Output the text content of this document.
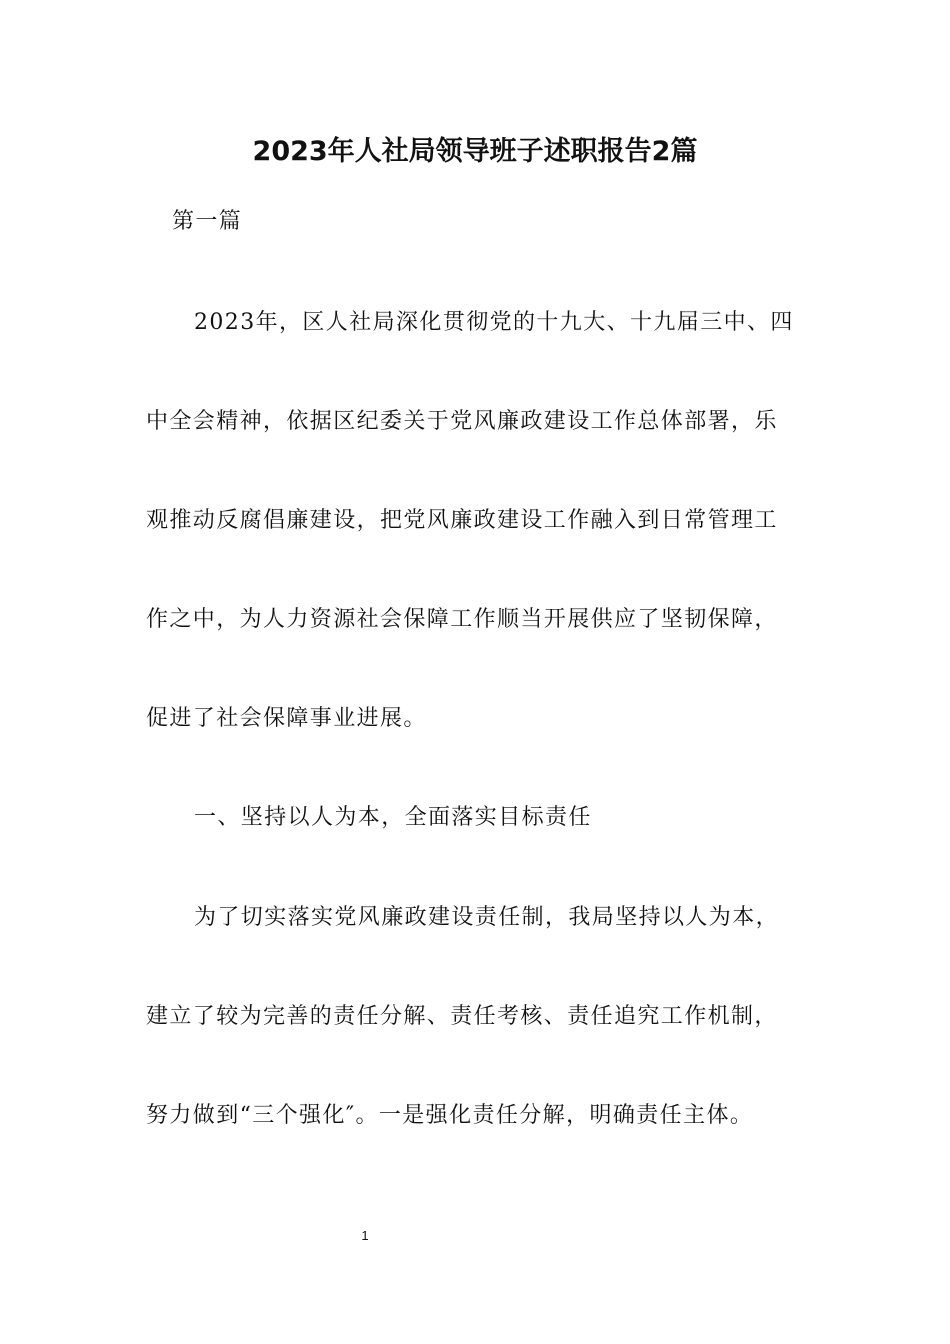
2023年人社局领导班子述职报告2篇
第一篇
2023年，区人社局深化贯彻党的十九大、十九届三中、四
中全会精神，依据区纪委关于党风廉政建设工作总体部署，乐
观推动反腐倡廉建设，把党风廉政建设工作融入到日常管理工
作之中，为人力资源社会保障工作顺当开展供应了坚韧保障，
促进了社会保障事业进展。
一、坚持以人为本，全面落实目标责任
为了切实落实党风廉政建设责任制，我局坚持以人为本，
建立了较为完善的责任分解、责任考核、责任追究工作机制，
努力做到“三个强化″。一是强化责任分解，明确责任主体。
1
